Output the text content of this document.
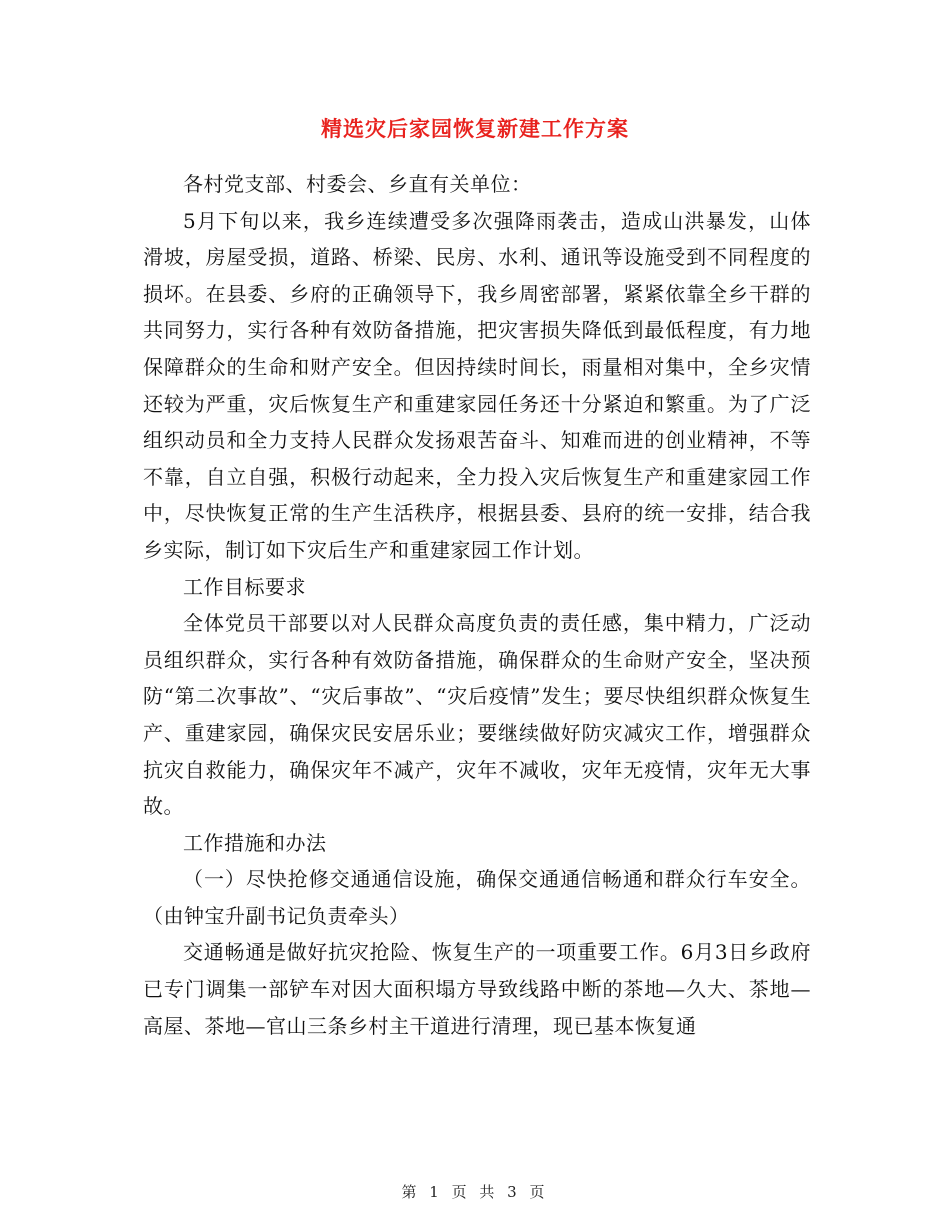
精选灾后家园恢复新建工作方案

各村党支部、村委会、乡直有关单位：

5月下旬以来，我乡连续遭受多次强降雨袭击，造成山洪暴发，山体滑坡，房屋受损，道路、桥梁、民房、水利、通讯等设施受到不同程度的损坏。在县委、乡府的正确领导下，我乡周密部署，紧紧依靠全乡干群的共同努力，实行各种有效防备措施，把灾害损失降低到最低程度，有力地保障群众的生命和财产安全。但因持续时间长，雨量相对集中，全乡灾情还较为严重，灾后恢复生产和重建家园任务还十分紧迫和繁重。为了广泛组织动员和全力支持人民群众发扬艰苦奋斗、知难而进的创业精神，不等不靠，自立自强，积极行动起来，全力投入灾后恢复生产和重建家园工作中，尽快恢复正常的生产生活秩序，根据县委、县府的统一安排，结合我乡实际，制订如下灾后生产和重建家园工作计划。

工作目标要求

全体党员干部要以对人民群众高度负责的责任感，集中精力，广泛动员组织群众，实行各种有效防备措施，确保群众的生命财产安全，坚决预防“第二次事故”、“灾后事故”、“灾后疫情”发生；要尽快组织群众恢复生产、重建家园，确保灾民安居乐业；要继续做好防灾减灾工作，增强群众抗灾自救能力，确保灾年不减产，灾年不减收，灾年无疫情，灾年无大事故。

工作措施和办法

（一）尽快抢修交通通信设施，确保交通通信畅通和群众行车安全。（由钟宝升副书记负责牵头）

交通畅通是做好抗灾抢险、恢复生产的一项重要工作。6月3日乡政府已专门调集一部铲车对因大面积塌方导致线路中断的茶地—久大、茶地—高屋、茶地—官山三条乡村主干道进行清理，现已基本恢复通

第 1 页 共 3 页
